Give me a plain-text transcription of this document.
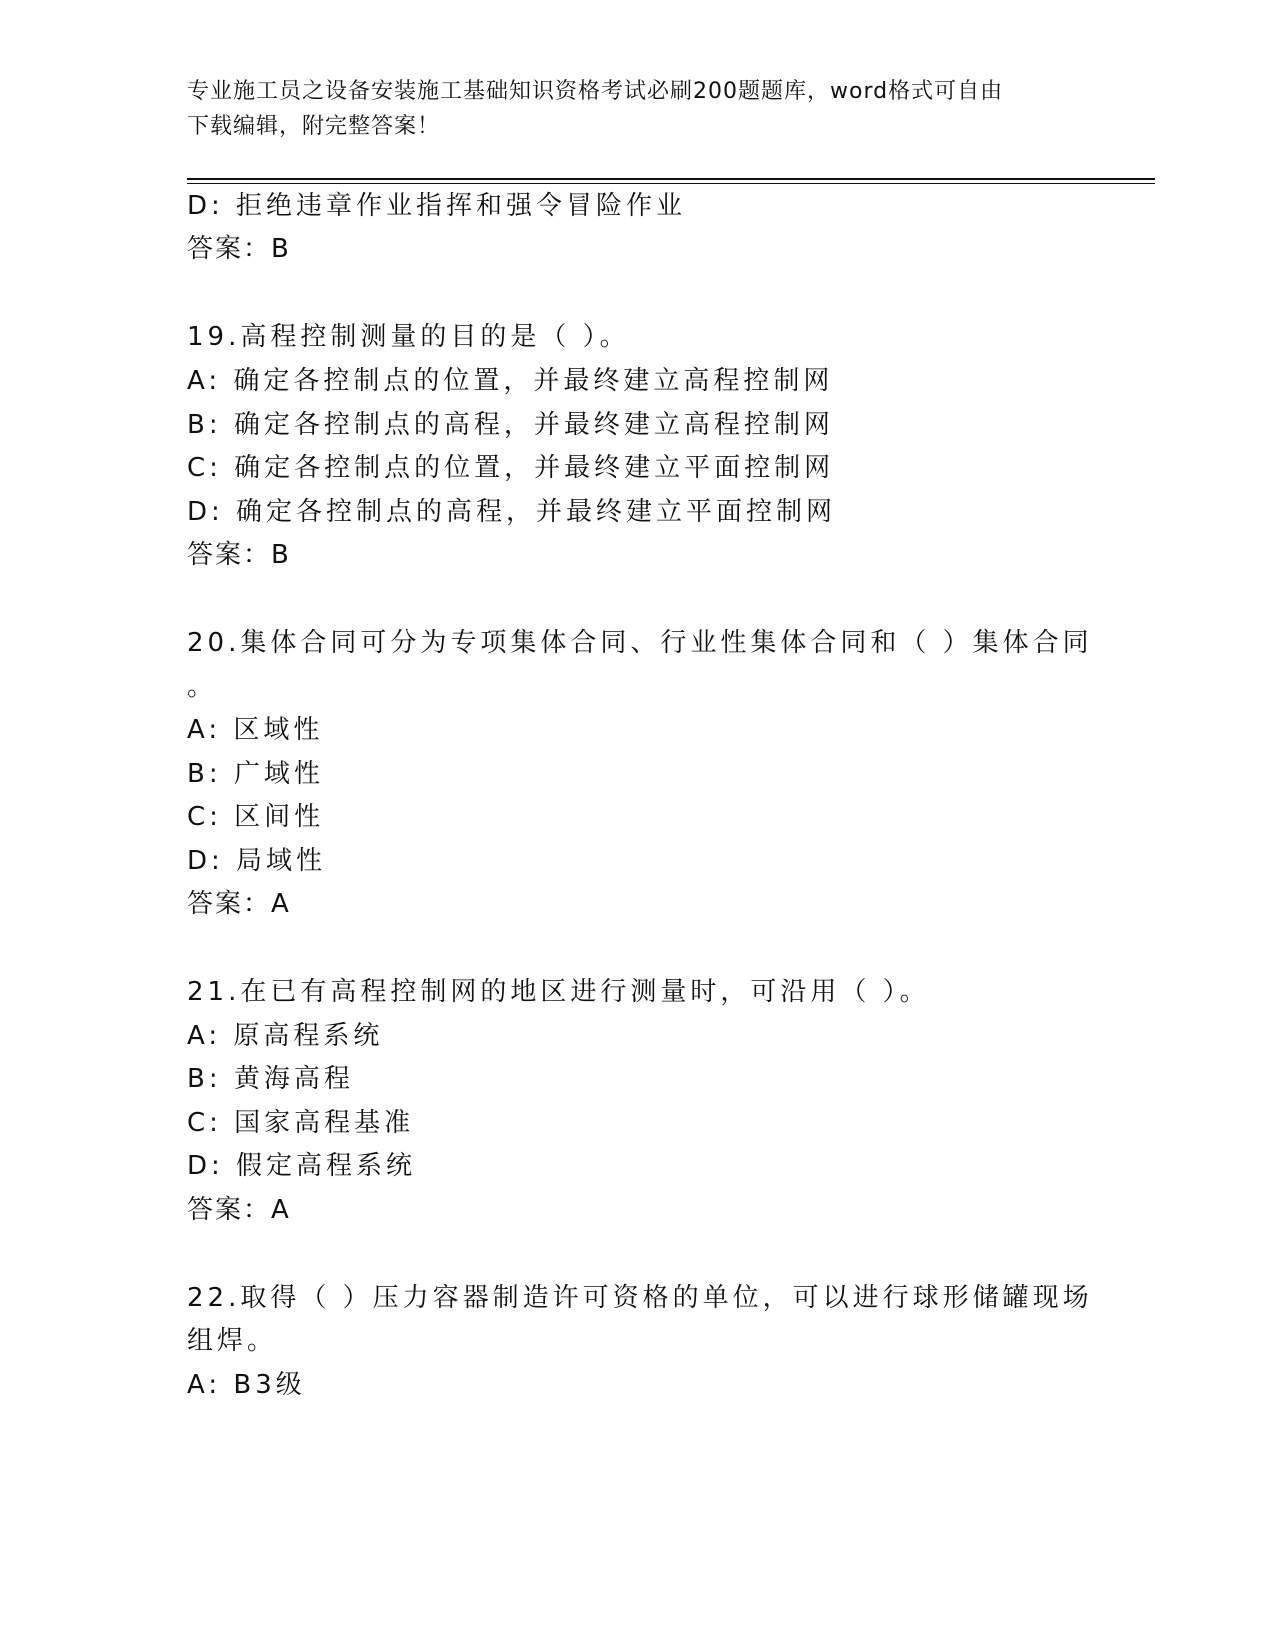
专业施工员之设备安装施工基础知识资格考试必刷200题题库，word格式可自由
下载编辑，附完整答案！
D: 拒绝违章作业指挥和强令冒险作业
答案：B
19.高程控制测量的目的是（ ）。
A: 确定各控制点的位置，并最终建立高程控制网
B: 确定各控制点的高程，并最终建立高程控制网
C: 确定各控制点的位置，并最终建立平面控制网
D: 确定各控制点的高程，并最终建立平面控制网
答案：B
20.集体合同可分为专项集体合同、行业性集体合同和（ ）集体合同
。
A: 区域性
B: 广域性
C: 区间性
D: 局域性
答案：A
21.在已有高程控制网的地区进行测量时，可沿用（ ）。
A: 原高程系统
B: 黄海高程
C: 国家高程基准
D: 假定高程系统
答案：A
22.取得（ ）压力容器制造许可资格的单位，可以进行球形储罐现场
组焊。
A: B3级
